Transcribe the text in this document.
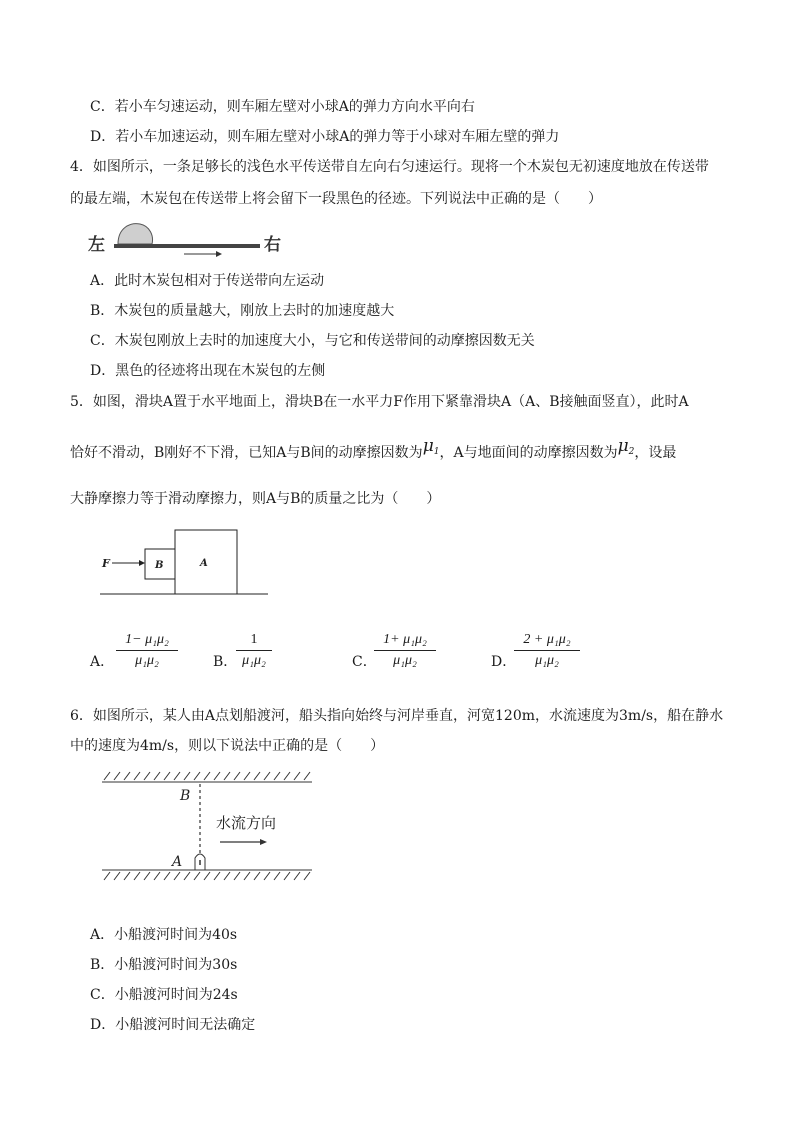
C．若小车匀速运动，则车厢左壁对小球A的弹力方向水平向右
D．若小车加速运动，则车厢左壁对小球A的弹力等于小球对车厢左壁的弹力
4．如图所示，一条足够长的浅色水平传送带自左向右匀速运行。现将一个木炭包无初速度地放在传送带
的最左端，木炭包在传送带上将会留下一段黑色的径迹。下列说法中正确的是（　　）
左	右
A．此时木炭包相对于传送带向左运动
B．木炭包的质量越大，刚放上去时的加速度越大
C．木炭包刚放上去时的加速度大小，与它和传送带间的动摩擦因数无关
D．黑色的径迹将出现在木炭包的左侧
5．如图，滑块A置于水平地面上，滑块B在一水平力F作用下紧靠滑块A（A、B接触面竖直），此时A
恰好不滑动，B刚好不下滑，已知A与B间的动摩擦因数为$\mu_1$，A与地面间的动摩擦因数为$\mu_2$，设最
大静摩擦力等于滑动摩擦力，则A与B的质量之比为（　　）
F	B	A
A． $\frac{\text{1− μ₁μ₂}}{\text{μ₁μ₂}}$	B．
$\frac{1}{\text{μ₁μ₂}}$	C．
$\frac{\text{1+ μ₁μ₂}}{\text{μ₁μ₂}}$	D．
$\frac{\text{2 + μ₁μ₂}}{\text{μ₁μ₂}}$
6．如图所示，某人由A点划船渡河，船头指向始终与河岸垂直，河宽120m，水流速度为3m/s，船在静水
中的速度为4m/s，则以下说法中正确的是（　　）
B
水流方向
A
A．小船渡河时间为40s
B．小船渡河时间为30s
C．小船渡河时间为24s
D．小船渡河时间无法确定
